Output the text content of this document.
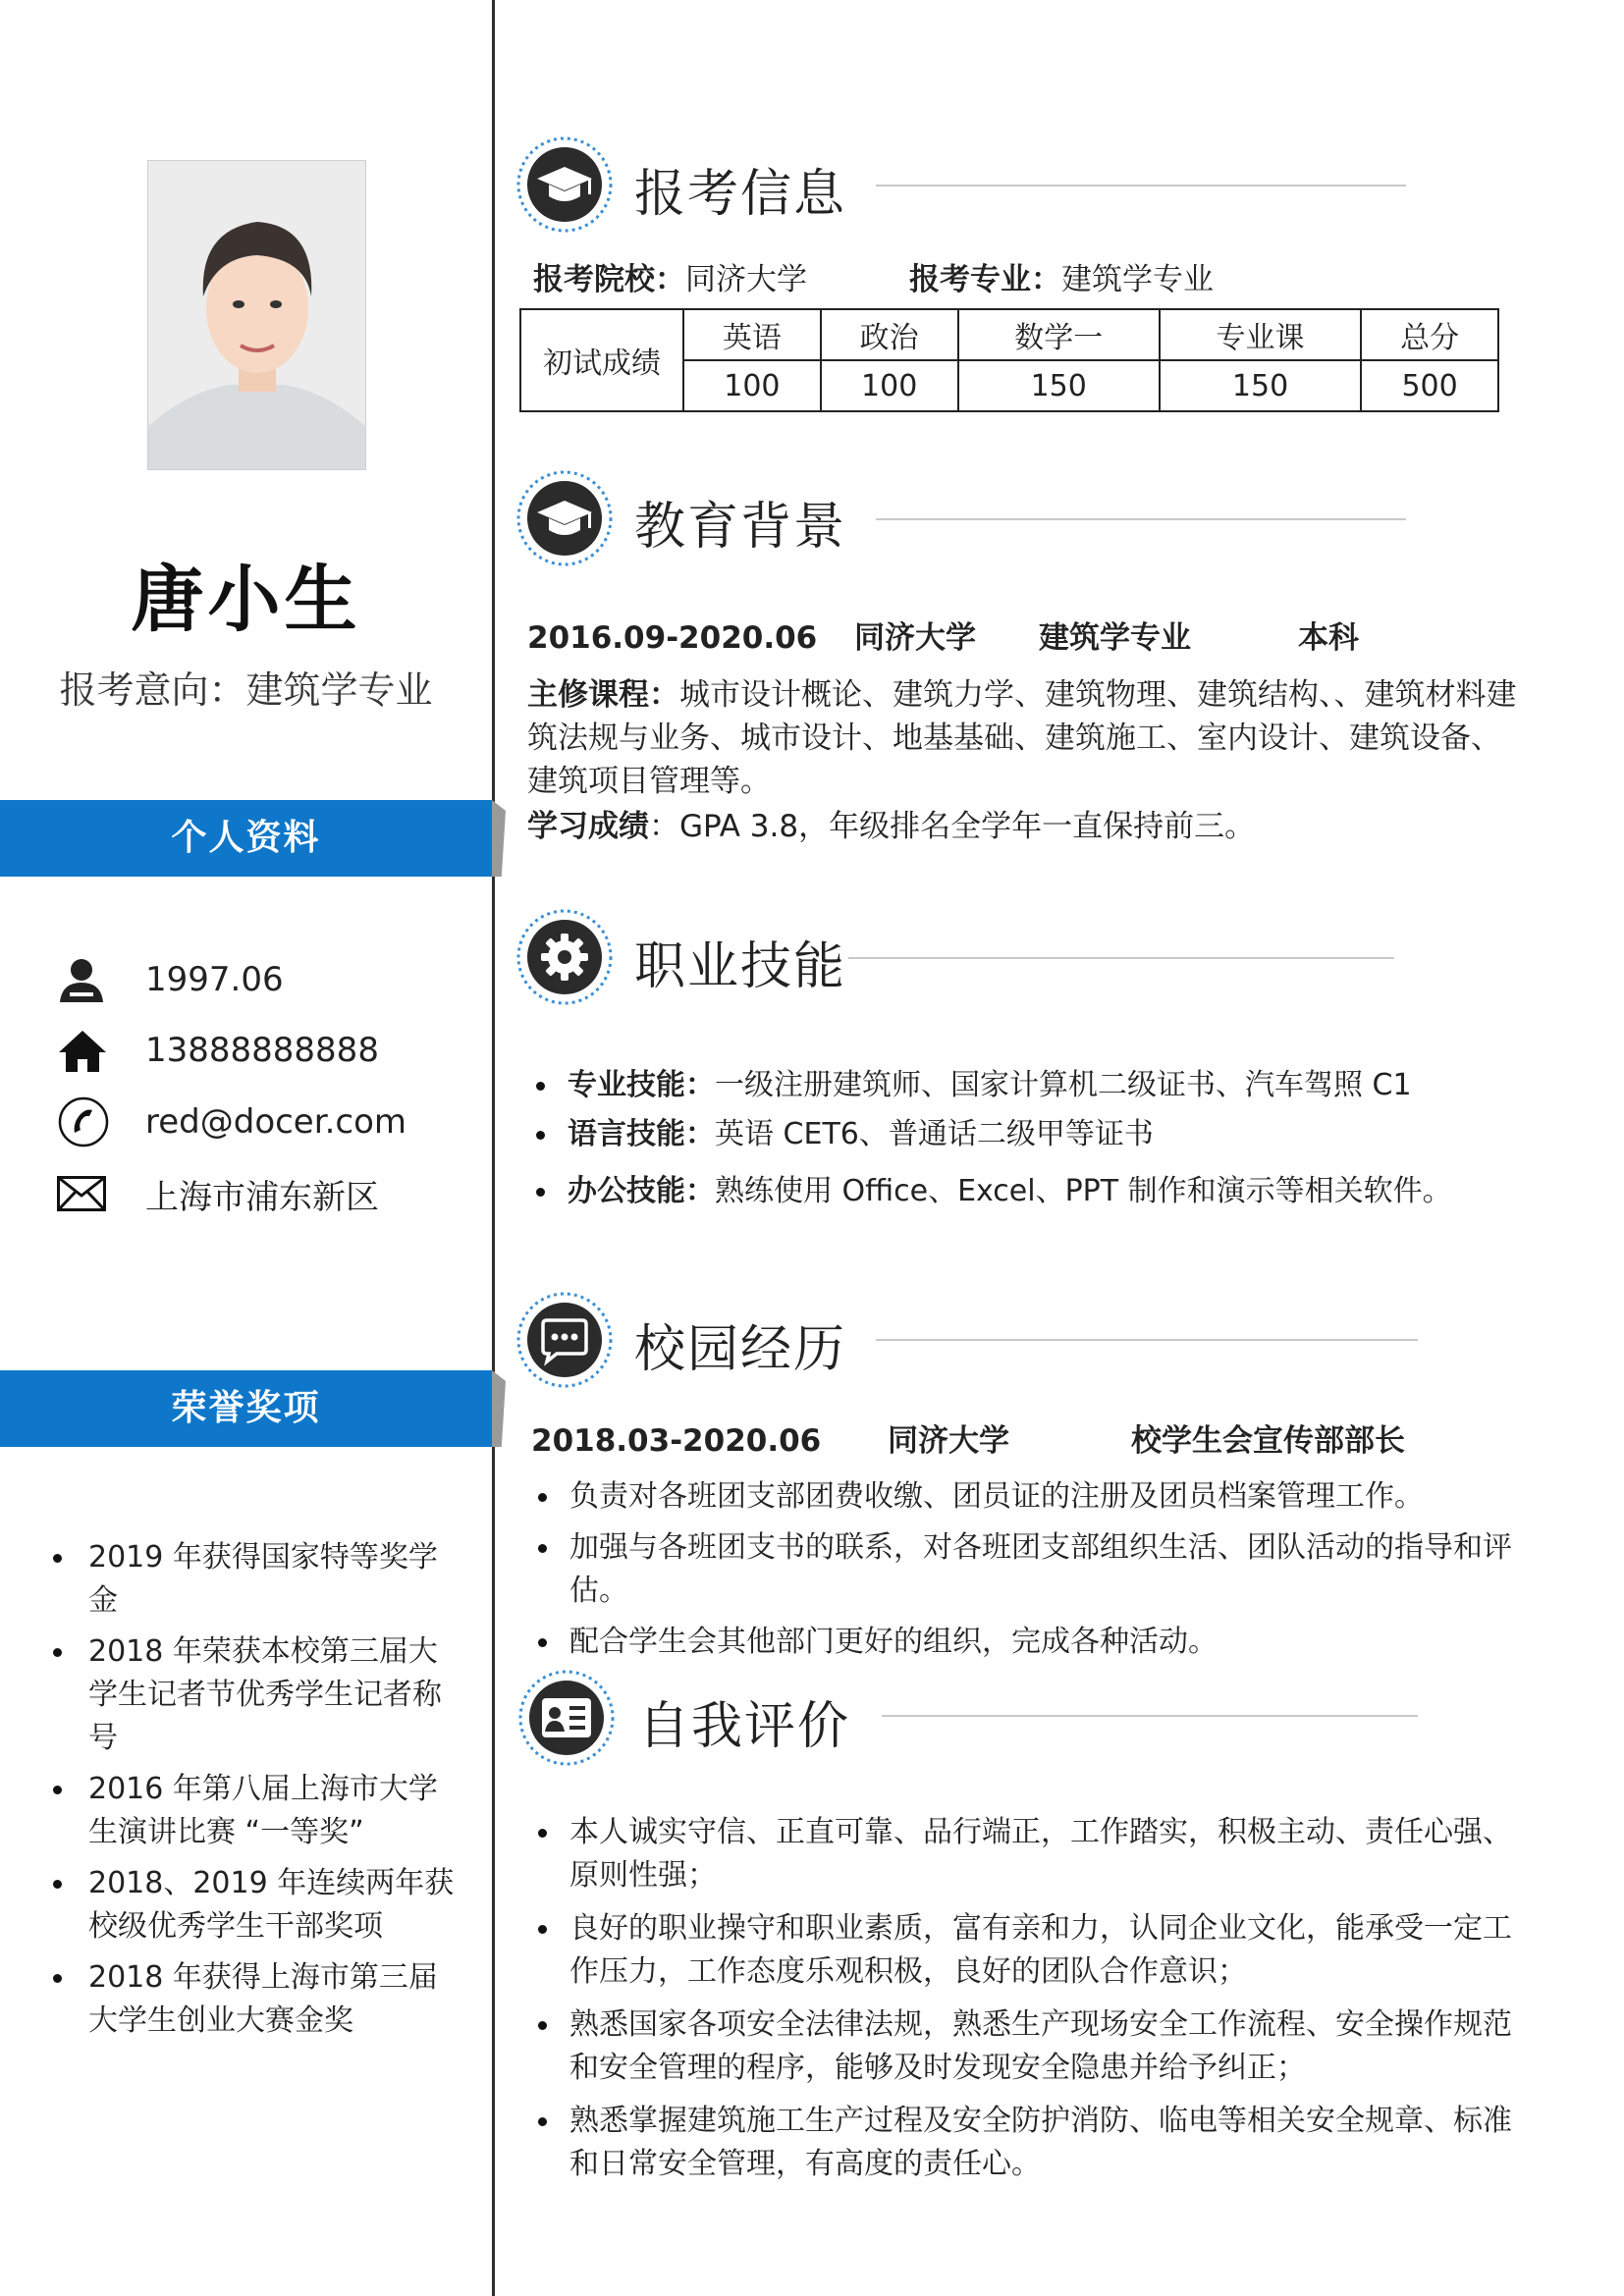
唐小生
报考意向：建筑学专业
个人资料
1997.06
13888888888
red@docer.com
上海市浦东新区
荣誉奖项
2019 年获得国家特等奖学金
2018 年荣获本校第三届大学生记者节优秀学生记者称号
2016 年第八届上海市大学生演讲比赛 “一等奖”
2018、2019 年连续两年获校级优秀学生干部奖项
2018 年获得上海市第三届大学生创业大赛金奖
报考信息
报考院校：同济大学	报考专业：建筑学专业
初试成绩	英语	政治	数学一	专业课	总分
	100	100	150	150	500
教育背景
2016.09-2020.06 同济大学 建筑学专业	本科
主修课程：城市设计概论、建筑力学、建筑物理、建筑结构、、建筑材料建筑法规与业务、城市设计、地基基础、建筑施工、室内设计、建筑设备、建筑项目管理等。
学习成绩：GPA 3.8，年级排名全学年一直保持前三。
职业技能
专业技能：一级注册建筑师、国家计算机二级证书、汽车驾照 C1
语言技能：英语 CET6、普通话二级甲等证书
办公技能：熟练使用 Office、Excel、PPT 制作和演示等相关软件。
校园经历
2018.03-2020.06 同济大学	校学生会宣传部部长
负责对各班团支部团费收缴、团员证的注册及团员档案管理工作。
加强与各班团支书的联系，对各班团支部组织生活、团队活动的指导和评估。
配合学生会其他部门更好的组织，完成各种活动。
自我评价
本人诚实守信、正直可靠、品行端正，工作踏实，积极主动、责任心强、原则性强；
良好的职业操守和职业素质，富有亲和力，认同企业文化，能承受一定工作压力，工作态度乐观积极，良好的团队合作意识；
熟悉国家各项安全法律法规，熟悉生产现场安全工作流程、安全操作规范和安全管理的程序，能够及时发现安全隐患并给予纠正；
熟悉掌握建筑施工生产过程及安全防护消防、临电等相关安全规章、标准和日常安全管理，有高度的责任心。
